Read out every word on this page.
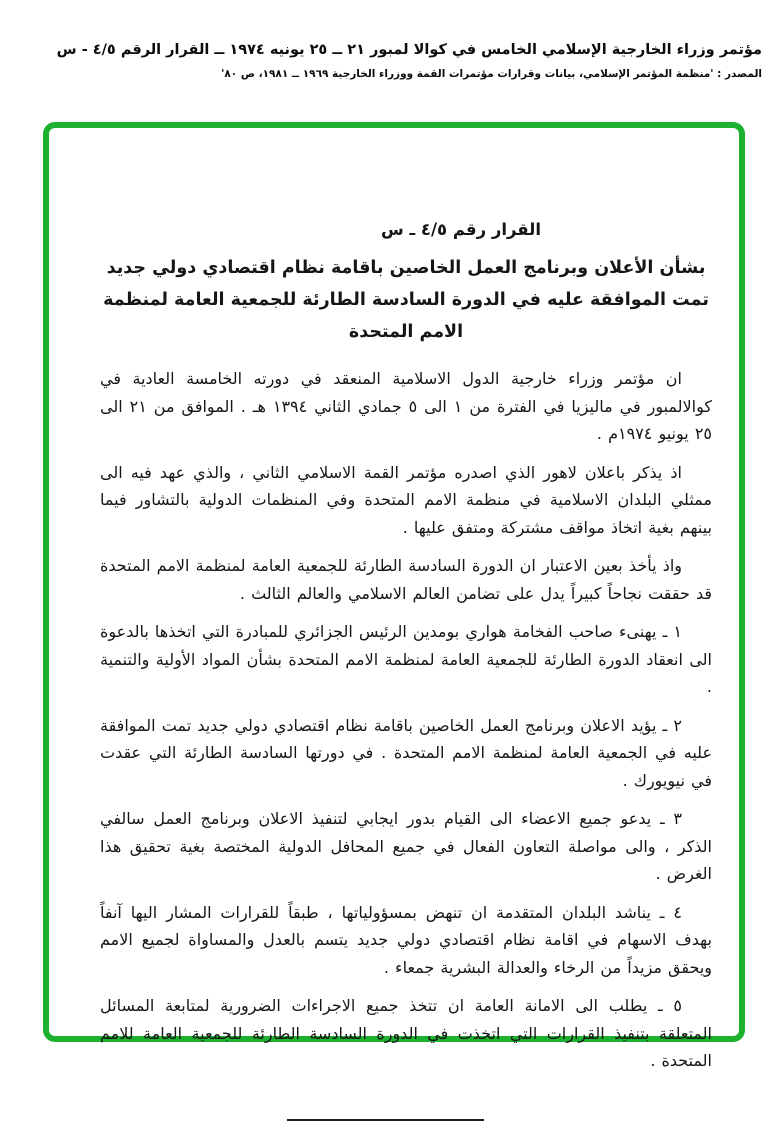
مؤتمر وزراء الخارجية الإسلامي الخامس في كوالا لمبور ٢١ ــ ٢٥ يونيه ١٩٧٤ ــ القرار الرقم ٤/٥ - س
المصدر : 'منظمة المؤتمر الإسلامي، بيانات وقرارات مؤتمرات القمة ووزراء الخارجية ١٩٦٩ ــ ١٩٨١، ص ٨٠'
القرار رقم ٤/٥ ـ س
بشأن الأعلان وبرنامج العمل الخاصين باقامة نظام اقتصادي دولي جديد
تمت الموافقة عليه في الدورة السادسة الطارئة للجمعية العامة لمنظمة الامم المتحدة

ان مؤتمر وزراء خارجية الدول الاسلامية المنعقد في دورته الخامسة العادية في كوالالمبور في ماليزيا في الفترة من ١ الى ٥ جمادي الثاني ١٣٩٤ هـ . الموافق من ٢١ الى ٢٥ يونيو ١٩٧٤م .

اذ يذكر باعلان لاهور الذي اصدره مؤتمر القمة الاسلامي الثاني ، والذي عهد فيه الى ممثلي البلدان الاسلامية في منظمة الامم المتحدة وفي المنظمات الدولية بالتشاور فيما بينهم بغية اتخاذ مواقف مشتركة ومتفق عليها .

واذ يأخذ بعين الاعتبار ان الدورة السادسة الطارئة للجمعية العامة لمنظمة الامم المتحدة قد حققت نجاحاً كبيراً يدل على تضامن العالم الاسلامي والعالم الثالث .

١ ـ يهنىء صاحب الفخامة هواري بومدين الرئيس الجزائري للمبادرة التي اتخذها بالدعوة الى انعقاد الدورة الطارئة للجمعية العامة لمنظمة الامم المتحدة بشأن المواد الأولية والتنمية .

٢ ـ يؤيد الاعلان وبرنامج العمل الخاصين باقامة نظام اقتصادي دولي جديد تمت الموافقة عليه في الجمعية العامة لمنظمة الامم المتحدة . في دورتها السادسة الطارئة التي عقدت في نيويورك .

٣ ـ يدعو جميع الاعضاء الى القيام بدور ايجابي لتنفيذ الاعلان وبرنامج العمل سالفي الذكر ، والى مواصلة التعاون الفعال في جميع المحافل الدولية المختصة بغية تحقيق هذا الغرض .

٤ ـ يناشد البلدان المتقدمة ان تنهض بمسؤولياتها ، طبقاً للقرارات المشار اليها آنفاً بهدف الاسهام في اقامة نظام اقتصادي دولي جديد يتسم بالعدل والمساواة لجميع الامم ويحقق مزيداً من الرخاء والعدالة البشرية جمعاء .

٥ ـ يطلب الى الامانة العامة ان تتخذ جميع الاجراءات الضرورية لمتابعة المسائل المتعلقة بتنفيذ القرارات التي اتخذت في الدورة السادسة الطارئة للجمعية العامة للامم المتحدة .
